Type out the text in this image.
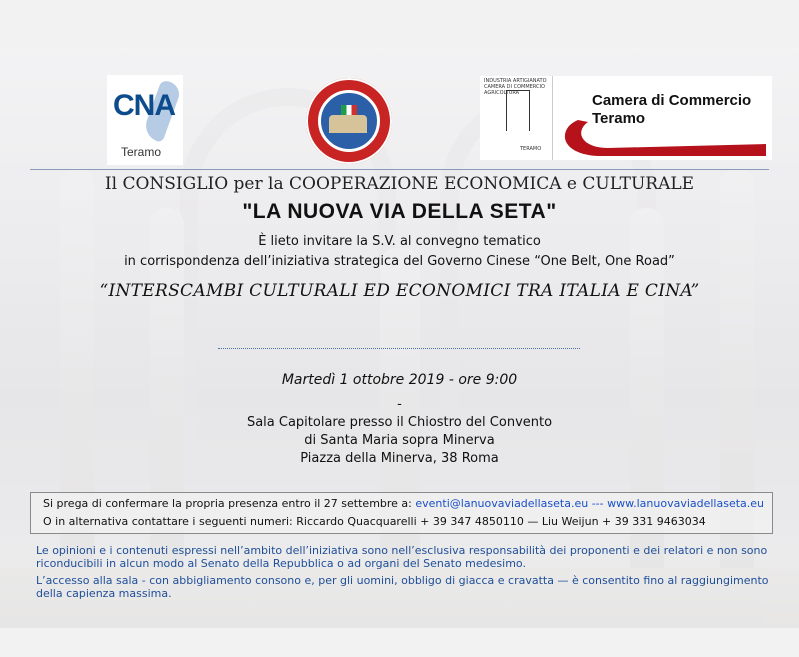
CNA
Teramo
INDUSTRIA ARTIGIANATO CAMERA DI COMMERCIO AGRICOLTURA
TERAMO
Camera di Commercio
Teramo
Il CONSIGLIO per la COOPERAZIONE ECONOMICA e CULTURALE
"LA NUOVA VIA DELLA SETA"
È lieto invitare la S.V. al convegno tematico
in corrispondenza dell’iniziativa strategica del Governo Cinese “One Belt, One Road”
“INTERSCAMBI CULTURALI ED ECONOMICI TRA ITALIA E CINA”
Martedì 1 ottobre 2019 - ore 9:00
-
Sala Capitolare presso il Chiostro del Convento
di Santa Maria sopra Minerva
Piazza della Minerva, 38 Roma
Si prega di confermare la propria presenza entro il 27 settembre a: eventi@lanuovaviadellaseta.eu --- www.lanuovaviadellaseta.eu
O in alternativa contattare i seguenti numeri: Riccardo Quacquarelli + 39 347 4850110 — Liu Weijun + 39 331 9463034
Le opinioni e i contenuti espressi nell’ambito dell’iniziativa sono nell’esclusiva responsabilità dei proponenti e dei relatori e non sono riconducibili in alcun modo al Senato della Repubblica o ad organi del Senato medesimo.
L’accesso alla sala - con abbigliamento consono e, per gli uomini, obbligo di giacca e cravatta — è consentito fino al raggiungimento della capienza massima.
